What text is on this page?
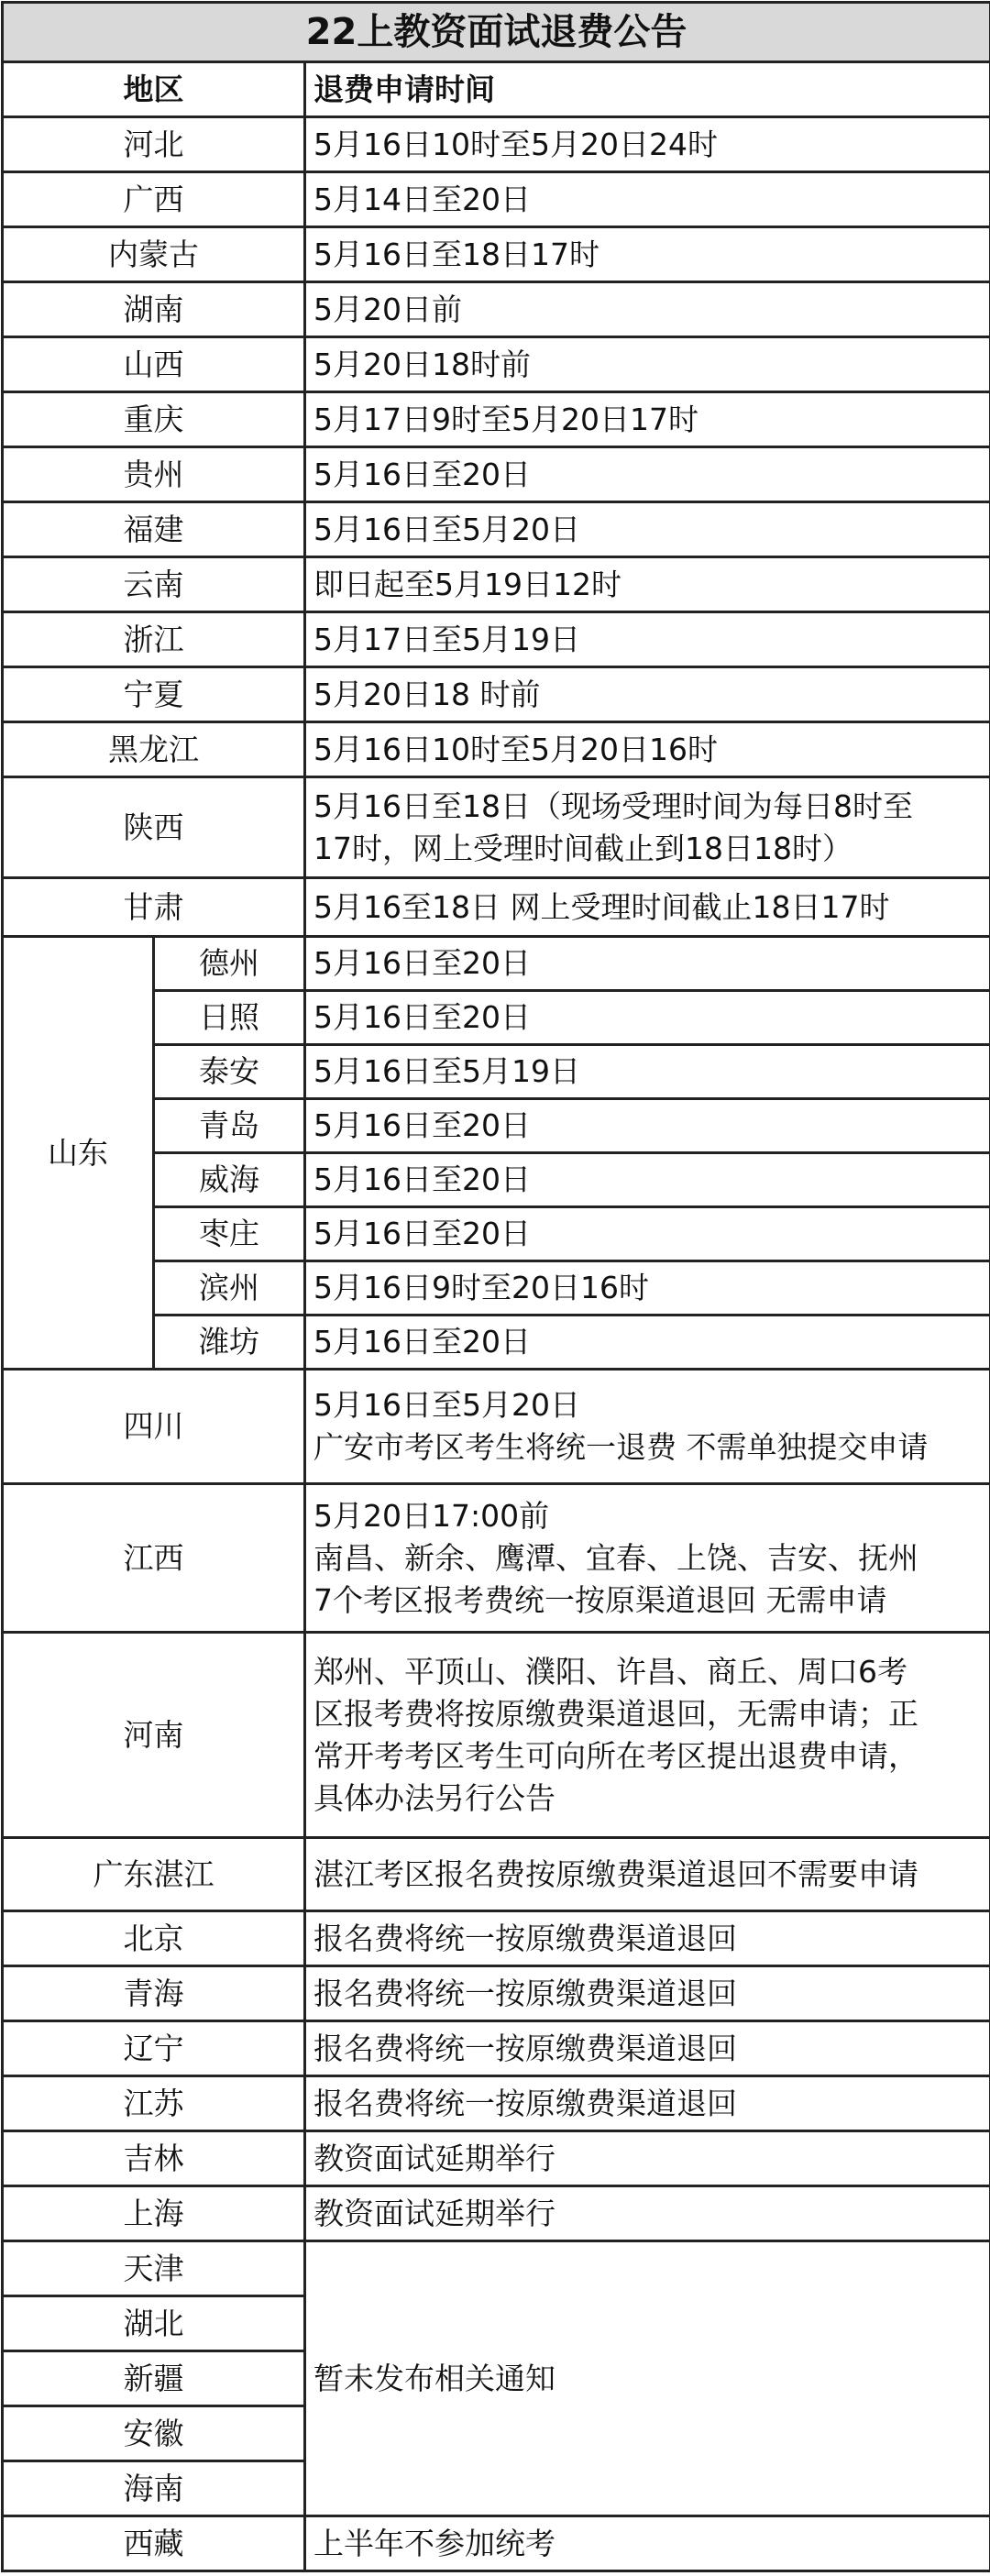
22上教资面试退费公告		
地区		退费申请时间
河北		5月16日10时至5月20日24时
广西		5月14日至20日
内蒙古		5月16日至18日17时
湖南		5月20日前
山西		5月20日18时前
重庆		5月17日9时至5月20日17时
贵州		5月16日至20日
福建		5月16日至5月20日
云南		即日起至5月19日12时
浙江		5月17日至5月19日
宁夏		5月20日18 时前
黑龙江		5月16日10时至5月20日16时
陕西		5月16日至18日（现场受理时间为每日8时至
17时，网上受理时间截止到18日18时）
甘肃		5月16至18日 网上受理时间截止18日17时
山东	德州	5月16日至20日
	日照	5月16日至20日
	泰安	5月16日至5月19日
	青岛	5月16日至20日
	威海	5月16日至20日
	枣庄	5月16日至20日
	滨州	5月16日9时至20日16时
	潍坊	5月16日至20日
四川		5月16日至5月20日
广安市考区考生将统一退费 不需单独提交申请
江西		5月20日17:00前
南昌、新余、鹰潭、宜春、上饶、吉安、抚州
7个考区报考费统一按原渠道退回 无需申请
河南		郑州、平顶山、濮阳、许昌、商丘、周口6考
区报考费将按原缴费渠道退回，无需申请；正
常开考考区考生可向所在考区提出退费申请，
具体办法另行公告
广东湛江		湛江考区报名费按原缴费渠道退回不需要申请
北京		报名费将统一按原缴费渠道退回
青海		报名费将统一按原缴费渠道退回
辽宁		报名费将统一按原缴费渠道退回
江苏		报名费将统一按原缴费渠道退回
吉林		教资面试延期举行
上海		教资面试延期举行
天津		暂未发布相关通知
湖北		
新疆		
安徽		
海南		
西藏		上半年不参加统考
